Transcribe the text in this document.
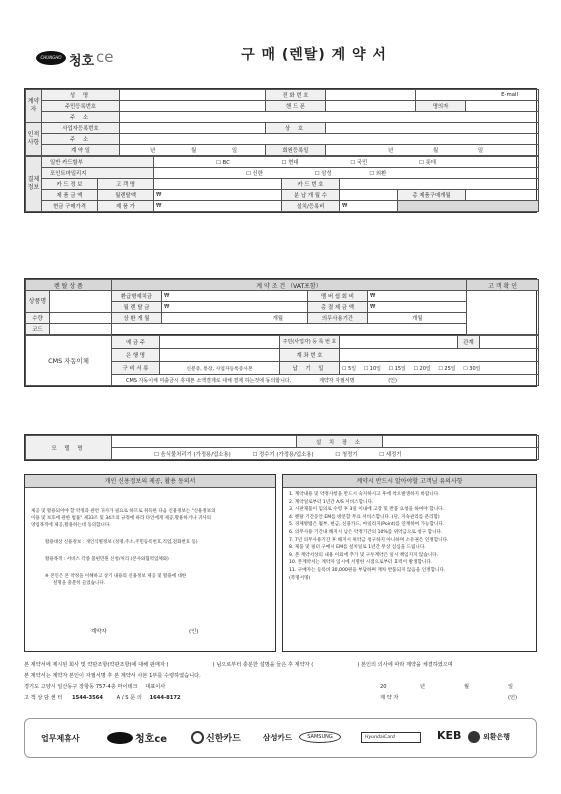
CHUNGHO 청호 ce	구 매 (렌탈) 계 약 서
계약자	성 명		전 화 번 호		E-mail	
	주민등록번호		핸 드 폰		명의자	
	주 소					
인적사항	사업자등록번호		상 호			
	주 소					
	계 약 일	년 월 일	회원등록일	년 월 일		
결제정보	일반 카드할부		☐ BC ☐ 현대 ☐ 국민 ☐ 롯데				
	포인트마일리지		☐ 신한 ☐ 삼성 ☐ 외환				
	카 드 정 보	고 객 명		카 드 번 호			
	제 품 금 액	월렌탈액	₩	분 납 개 월 수		총 제품구매개월	
	현금 구매가격	제 품 가	₩	설치/등록비	₩		
렌 탈 상 품		계 약 조 건 （VAT포함）				고 객 확 인
상품명		환급형예치금	₩	멤 버 쉽 회 비	₩	
		월 렌 탈 금	₩	총 결 제 금 액	₩	
수량		상 환 개 월	개월	의무사용기간	개월	
코드						
CMS 자동이체	예 금 주		주민(사업자) 등 록 번 호		관계	
	은 행 명		계 좌 번 호			
	구 비 서 류	신분증, 통장, 사업자등록증사본	납 기 일	☐ 5일 ☐ 10일 ☐ 15일 ☐ 20일 ☐ 25일 ☐ 30일		
	CMS 자동이체 미출금시 휴대폰 소액결제로 대체 결제 하는것에 동의합니다. 계약자 자필서명 (인)					
모 델 명		설 치 장 소	
☐ 음식물처리기 (가정용/업소용)	☐ 정수기 (가정용/업소용)	☐ 청정기	☐ 세정기
개인 신용정보의 제공, 활용 동의서
제공 및 활용되어야 할 약정과 관련 귀사가 필요로 하므로 취득한 다음 신용정보는 "신용정보의
이용 및 보호에 관한 법률" 제33조 및 34조의 규정에 따라 타인에게 제공,활용하거나 귀사의
영업목적에 제공,활용하는데 동의합니다.
활용대상 신용정보 : 개인식별정보 (성명,주소,주민등록번호,직업,전화번호 등)
활용목적 : 서비스 각종 불편민원 신청/처리 (본사와협력업체와)
※ 본인은 본 약정을 이해하고 상기 내용의 신용정보 제공 및 활용에 대한
설명을 충분히 들었습니다.
계약자	(인)
계약시 반드시 알아야할 고객님 유의사항
1. 계약내용 및 약정사항을 반드시 숙지하시고 후에 착오발생하지 바랍니다.
2. 계약일로부터 1년간 A/S 서비스합니다.
3. 시판제품이 임의로 수령 후 3일 이내에 고장 및 반품 요청을 하여야 합니다.
4. 렌탈 기간동안 EM를 방문할 무료 서비스합니다. (단, 지속관리를 분리함)
5. 경제방법은 월부, 현금, 신용카드, 마일리지(Point)를 연계하여 가능합니다.
6. 의무사용 기간내 해지시 남은 약정기간의 10%를 위약금으로 청구 합니다.
7. 7년 의무사용기간 후 해지시 위약금 청구하지 아니하며 소유권은 인정합니다.
8. 제품 및 필터 구매시 EM를 설치일로 1년간 무상 심심을 드립니다.
9. 본 계약서상의 내용 이외에 추가 및 구두계약은 일시 책임지지 않습니다.
10. 본계약서는 계약자 임시에 서명한 시점으로부터 효력이 발생합니다.
11. 구매자는 등록비 30,000원을 부담하며 재차 반품되지 않음을 인정합니다.
(복명서명)
본 계약서에 제시된 회사 및 약관조항(약관조항)에 대해 판매자 (	) 님으로부터 충분한 설명을 들은 후 계약자 (	) 본인의 의사에 따라 계약을 체결하였으며
본 계약서는 계약자 본인이 자필서명 후 본 계약서 사본 1부를 수령하였습니다.
경기도 고양시 일산동구 장항동 757-4층 마이테크 대표이사	20	년	월	일
고 객 상 담 센 터 1544-3564	A / S 문 의 1644-8172	계 약 자	(인)
업무제휴사	청호ce	신한카드	삼성카드	SAMSUNG	HyundaiCard	KEB	외환은행
